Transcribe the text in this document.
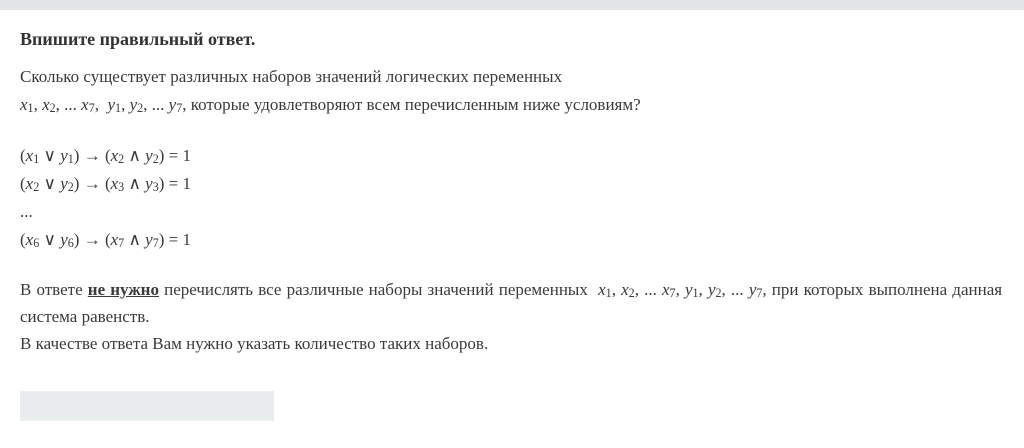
Впишите правильный ответ.

Сколько существует различных наборов значений логических переменных
$x_1$, $x_2$, ... $x_7$,  $y_1$, $y_2$, ... $y_7$, которые удовлетворяют всем перечисленным ниже условиям?

($x_1$ ∨ $y_1) \to (x_2$ ∧ $y_2) = 1$
($x_2$ ∨ $y_2) \to (x_3$ ∧ $y_3) = 1$
...
($x_6$ ∨ $y_6) \to (x_7$ ∧ $y_7) = 1$

В ответе не нужно перечислять все различные наборы значений переменных  $x_1$, $x_2$, ... $x_7$, $y_1$, $y_2$, ... $y_7$, при которых выполнена данная система равенств.

В качестве ответа Вам нужно указать количество таких наборов.
